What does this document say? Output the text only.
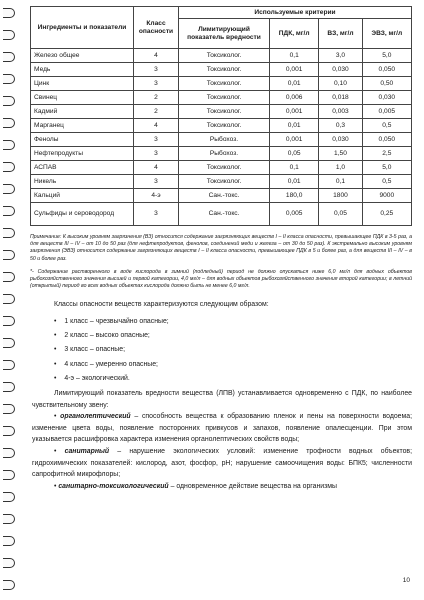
Ингредиенты и показатели	Класс опасности	Используемые критерии			
		Лимитирующий показатель вредности	ПДК, мг/л	ВЗ, мг/л	ЭВЗ, мг/л
Железо общее	4	Токсиколог.	0,1	3,0	5,0
Медь	3	Токсиколог.	0,001	0,030	0,050
Цинк	3	Токсиколог.	0,01	0,10	0,50
Свинец	2	Токсиколог.	0,006	0,018	0,030
Кадмий	2	Токсиколог.	0,001	0,003	0,005
Марганец	4	Токсиколог.	0,01	0,3	0,5
Фенолы	3	Рыбохоз.	0,001	0,030	0,050
Нефтепродукты	3	Рыбохоз.	0,05	1,50	2,5
АСПАВ	4	Токсиколог.	0,1	1,0	5,0
Никель	3	Токсиколог.	0,01	0,1	0,5
Кальций	4-э	Сан.-токс.	180,0	1800	9000
Сульфиды и сероводород	3	Сан.-токс.	0,005	0,05	0,25
Примечание: К высоким уровням загрязнения (ВЗ) относится содержание загрязняющих веществ I – II класса опасности, превышающее ПДК в 3-5 раз, а для веществ III – IV – от 10 до 50 раз (для нефтепродуктов, фенолов, соединений меди и железа – от 30 до 50 раз). К экстремально высоким уровням загрязнения (ЭВЗ) относится содержание загрязняющих веществ I – II класса опасности, превышающее ПДК в 5 и более раз, а для веществ III – IV – в 50 и более раз.
*- Содержание растворенного в воде кислорода в зимний (подледный) период не должно опускаться ниже 6,0 мг/л для водных объектов рыбохозяйственного значения высшей и первой категории, 4,0 мг/л – для водных объектов рыбохозяйственного значения второй категории; в летний (открытый) период во всех водных объектах кислорода должно быть не менее 6,0 мг/л.

Классы опасности веществ характеризуются следующим образом:

• 1 класс – чрезвычайно опасные;
• 2 класс – высоко опасные;
• 3 класс – опасные;
• 4 класс – умеренно опасные;
• 4-э – экологический.

Лимитирующий показатель вредности вещества (ЛПВ) устанавливается одновременно с ПДК, по наиболее чувствительному звену:

• органолептический – способность вещества к образованию пленок и пены на поверхности водоема; изменение цвета воды, появление посторонних привкусов и запахов, появление опалесценции. При этом указывается расшифровка характера изменения органолептических свойств воды;

• санитарный – нарушение экологических условий: изменение трофности водных объектов; гидрохимических показателей: кислород, азот, фосфор, pH; нарушение самоочищения воды: БПК5; численности сапрофитной микрофлоры;

• санитарно-токсикологический – одновременное действие вещества на организмы

10
